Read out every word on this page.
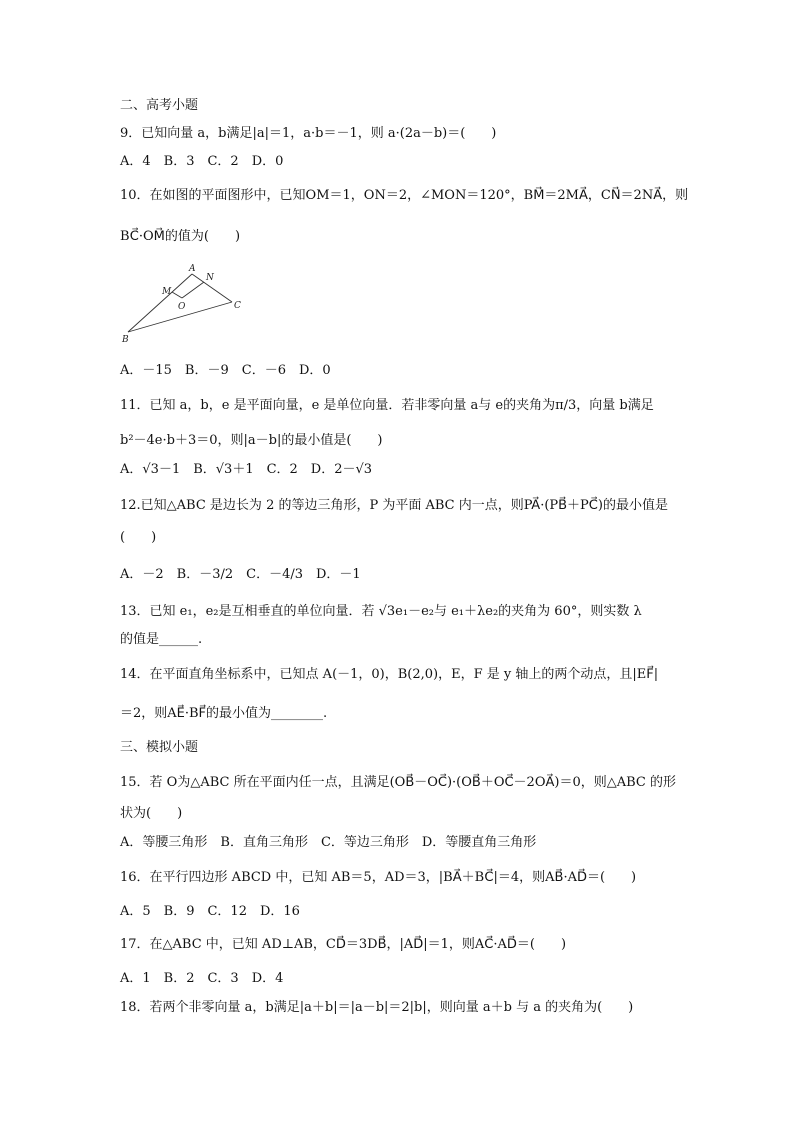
二、高考小题
9．已知向量 a，b满足|a|＝1，a·b＝－1，则 a·(2a－b)＝(　　)
A．4　B．3　C．2　D．0
10．在如图的平面图形中，已知OM＝1，ON＝2，∠MON＝120°，BM⃗＝2MA⃗，CN⃗＝2NA⃗，则
BC⃗·OM⃗的值为(　　)
A
N
M
O	C
B
A．－15　B．－9　C．－6　D．0
11．已知 a，b，e 是平面向量，e 是单位向量．若非零向量 a与 e的夹角为π/3，向量 b满足
b²－4e·b＋3＝0，则|a－b|的最小值是(　　)
A．√3－1　B．√3＋1　C．2　D．2－√3
12.已知△ABC 是边长为 2 的等边三角形，P 为平面 ABC 内一点，则PA⃗·(PB⃗＋PC⃗)的最小值是
(　　)
A．－2　B．－3/2　C．－4/3　D．－1
13．已知 e₁，e₂是互相垂直的单位向量．若 √3e₁－e₂与 e₁＋λe₂的夹角为 60°，则实数 λ
的值是______.
14．在平面直角坐标系中，已知点 A(－1，0)，B(2,0)，E，F 是 y 轴上的两个动点，且|EF⃗|
＝2，则AE⃗·BF⃗的最小值为________.
三、模拟小题
15．若 O为△ABC 所在平面内任一点，且满足(OB⃗－OC⃗)·(OB⃗＋OC⃗－2OA⃗)＝0，则△ABC 的形
状为(　　)
A．等腰三角形　B．直角三角形　C．等边三角形　D．等腰直角三角形
16．在平行四边形 ABCD 中，已知 AB＝5，AD＝3，|BA⃗＋BC⃗|＝4，则AB⃗·AD⃗＝(　　)
A．5　B．9　C．12　D．16
17．在△ABC 中，已知 AD⊥AB，CD⃗＝3DB⃗，|AD⃗|＝1，则AC⃗·AD⃗＝(　　)
A．1　B．2　C．3　D．4
18．若两个非零向量 a，b满足|a＋b|＝|a－b|＝2|b|，则向量 a＋b 与 a 的夹角为(　　)
